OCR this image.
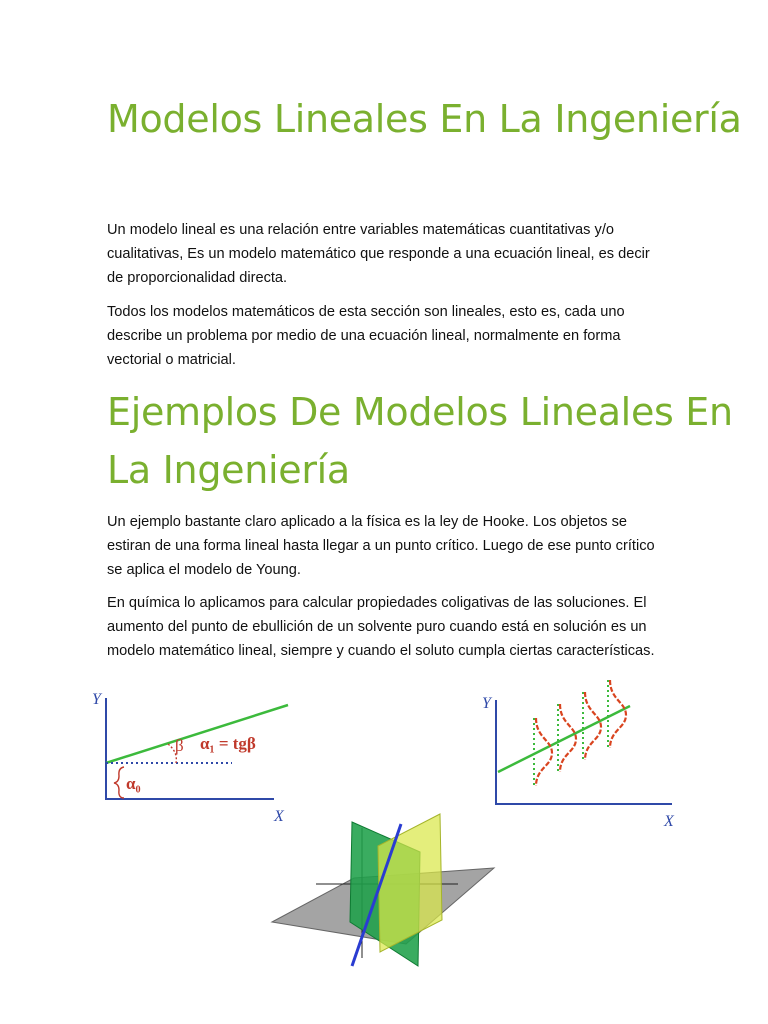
Modelos Lineales En La Ingeniería

Un modelo lineal es una relación entre variables matemáticas cuantitativas y/o cualitativas, Es un modelo matemático que responde a una ecuación lineal, es decir de proporcionalidad directa.

Todos los modelos matemáticos de esta sección son lineales, esto es, cada uno describe un problema por medio de una ecuación lineal, normalmente en forma vectorial o matricial.

Ejemplos De Modelos Lineales En La Ingeniería

Un ejemplo bastante claro aplicado a la física es la ley de Hooke. Los objetos se estiran de una forma lineal hasta llegar a un punto crítico. Luego de ese punto crítico se aplica el modelo de Young.

En química lo aplicamos para calcular propiedades coligativas de las soluciones. El aumento del punto de ebullición de un solvente puro cuando está en solución es un modelo matemático lineal, siempre y cuando el soluto cumpla ciertas características.

Y
X
β α₁ = tgβ
α₀
Y
X
